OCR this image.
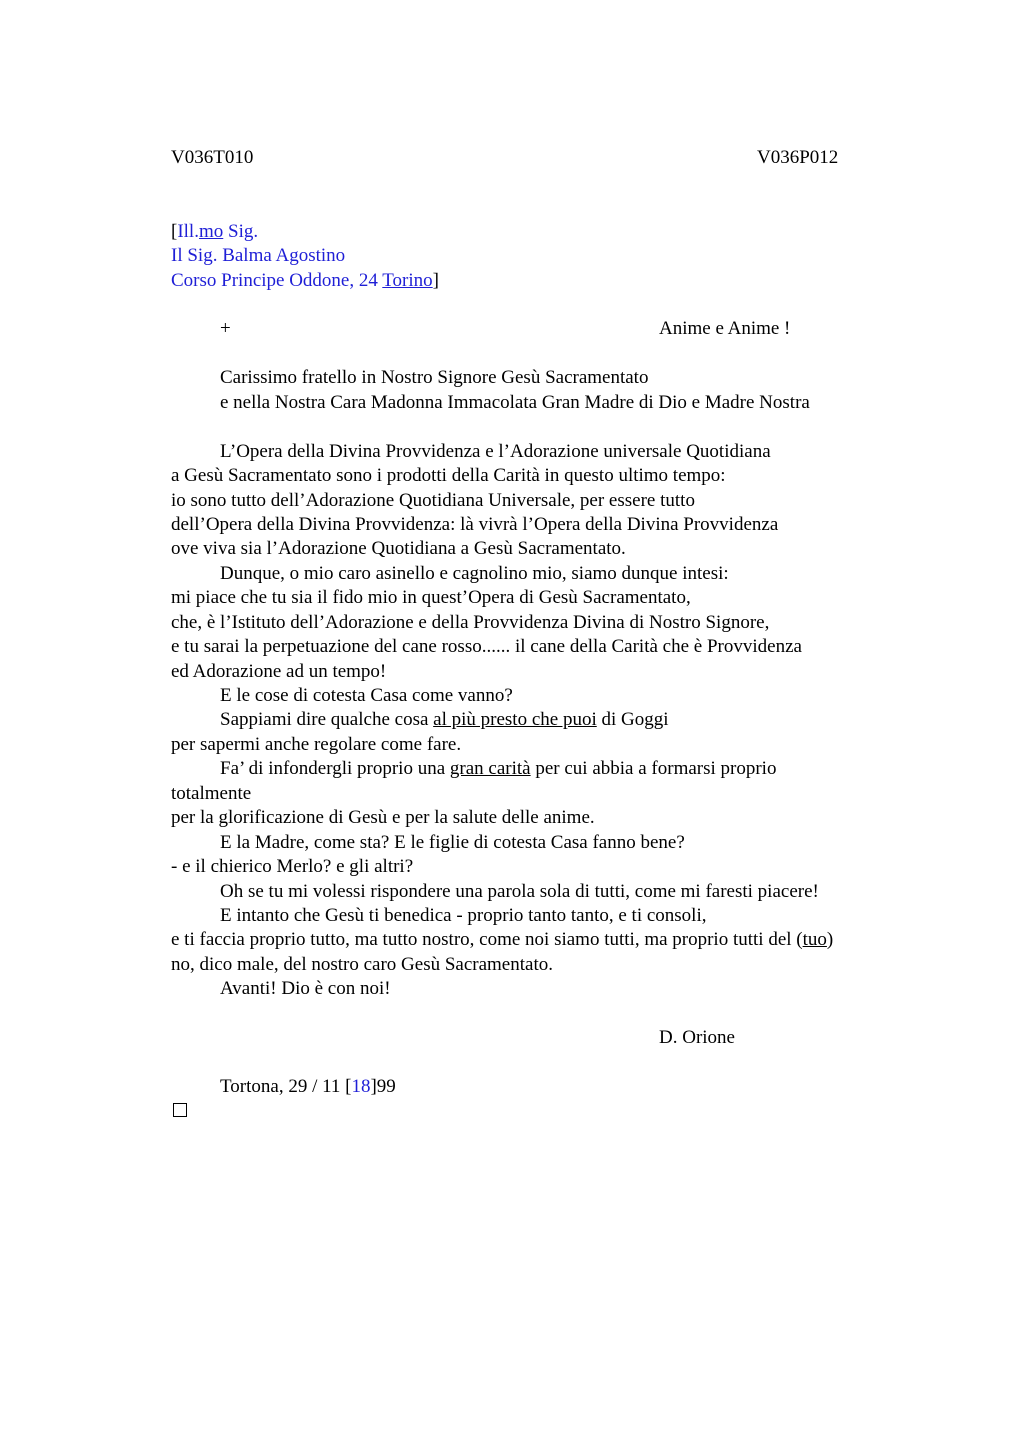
V036T010	V036P012
[Ill.mo Sig.
Il Sig. Balma Agostino
Corso Principe Oddone, 24 Torino]
+	Anime e Anime !
Carissimo fratello in Nostro Signore Gesù Sacramentato
e nella Nostra Cara Madonna Immacolata Gran Madre di Dio e Madre Nostra
L’Opera della Divina Provvidenza e l’Adorazione universale Quotidiana
a Gesù Sacramentato sono i prodotti della Carità in questo ultimo tempo:
io sono tutto dell’Adorazione Quotidiana Universale, per essere tutto
dell’Opera della Divina Provvidenza: là vivrà l’Opera della Divina Provvidenza
ove viva sia l’Adorazione Quotidiana a Gesù Sacramentato.
Dunque, o mio caro asinello e cagnolino mio, siamo dunque intesi:
mi piace che tu sia il fido mio in quest’Opera di Gesù Sacramentato,
che, è l’Istituto dell’Adorazione e della Provvidenza Divina di Nostro Signore,
e tu sarai la perpetuazione del cane rosso...... il cane della Carità che è Provvidenza
ed Adorazione ad un tempo!
E le cose di cotesta Casa come vanno?
Sappiami dire qualche cosa al più presto che puoi di Goggi
per sapermi anche regolare come fare.
Fa’ di infondergli proprio una gran carità per cui abbia a formarsi proprio
totalmente
per la glorificazione di Gesù e per la salute delle anime.
E la Madre, come sta? E le figlie di cotesta Casa fanno bene?
- e il chierico Merlo? e gli altri?
Oh se tu mi volessi rispondere una parola sola di tutti, come mi faresti piacere!
E intanto che Gesù ti benedica - proprio tanto tanto, e ti consoli,
e ti faccia proprio tutto, ma tutto nostro, come noi siamo tutti, ma proprio tutti del (tuo)
no, dico male, del nostro caro Gesù Sacramentato.
Avanti! Dio è con noi!
D. Orione
Tortona, 29 / 11 [18]99
